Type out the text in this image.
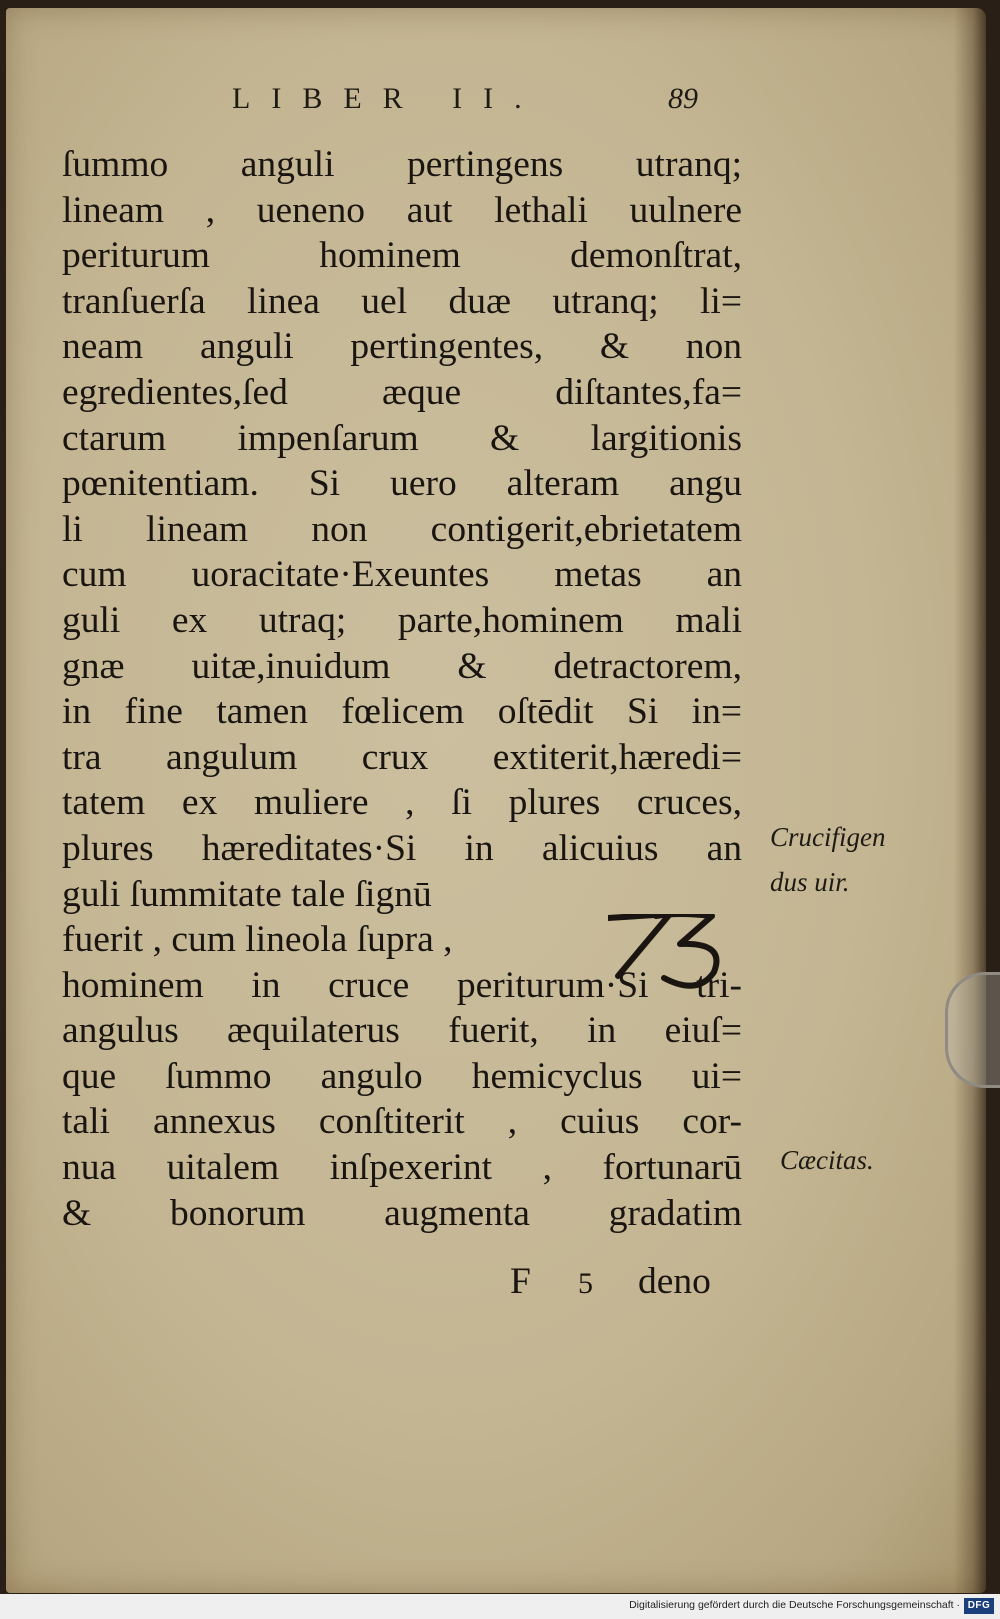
LIBER II.	89
ſummo anguli pertingens utranq;
lineam , ueneno aut lethali uulnere
periturum hominem demonſtrat,
tranſuerſa linea uel duæ utranq; li=
neam anguli pertingentes, & non
egredientes,ſed æque diſtantes,fa=
ctarum impenſarum & largitionis
pœnitentiam. Si uero alteram angu
li lineam non contigerit,ebrietatem
cum uoracitate·Exeuntes metas an
guli ex utraq; parte,hominem mali
gnæ uitæ,inuidum & detractorem,
in fine tamen fœlicem oſtēdit Si in=
tra angulum crux extiterit,hæredi=
tatem ex muliere , ſi plures cruces,
plures hæreditates·Si in alicuius an
guli ſummitate tale ſignū
fuerit , cum lineola ſupra ,
hominem in cruce periturum·Si tri-
angulus æquilaterus fuerit, in eiuſ=
que ſummo angulo hemicyclus ui=
tali annexus conſtiterit , cuius cor-
nua uitalem inſpexerint , fortunarū
& bonorum augmenta gradatim
F 5 deno
Crucifigen
dus uir.
Cæcitas.
Digitalisierung gefördert durch die Deutsche Forschungsgemeinschaft · DFG
